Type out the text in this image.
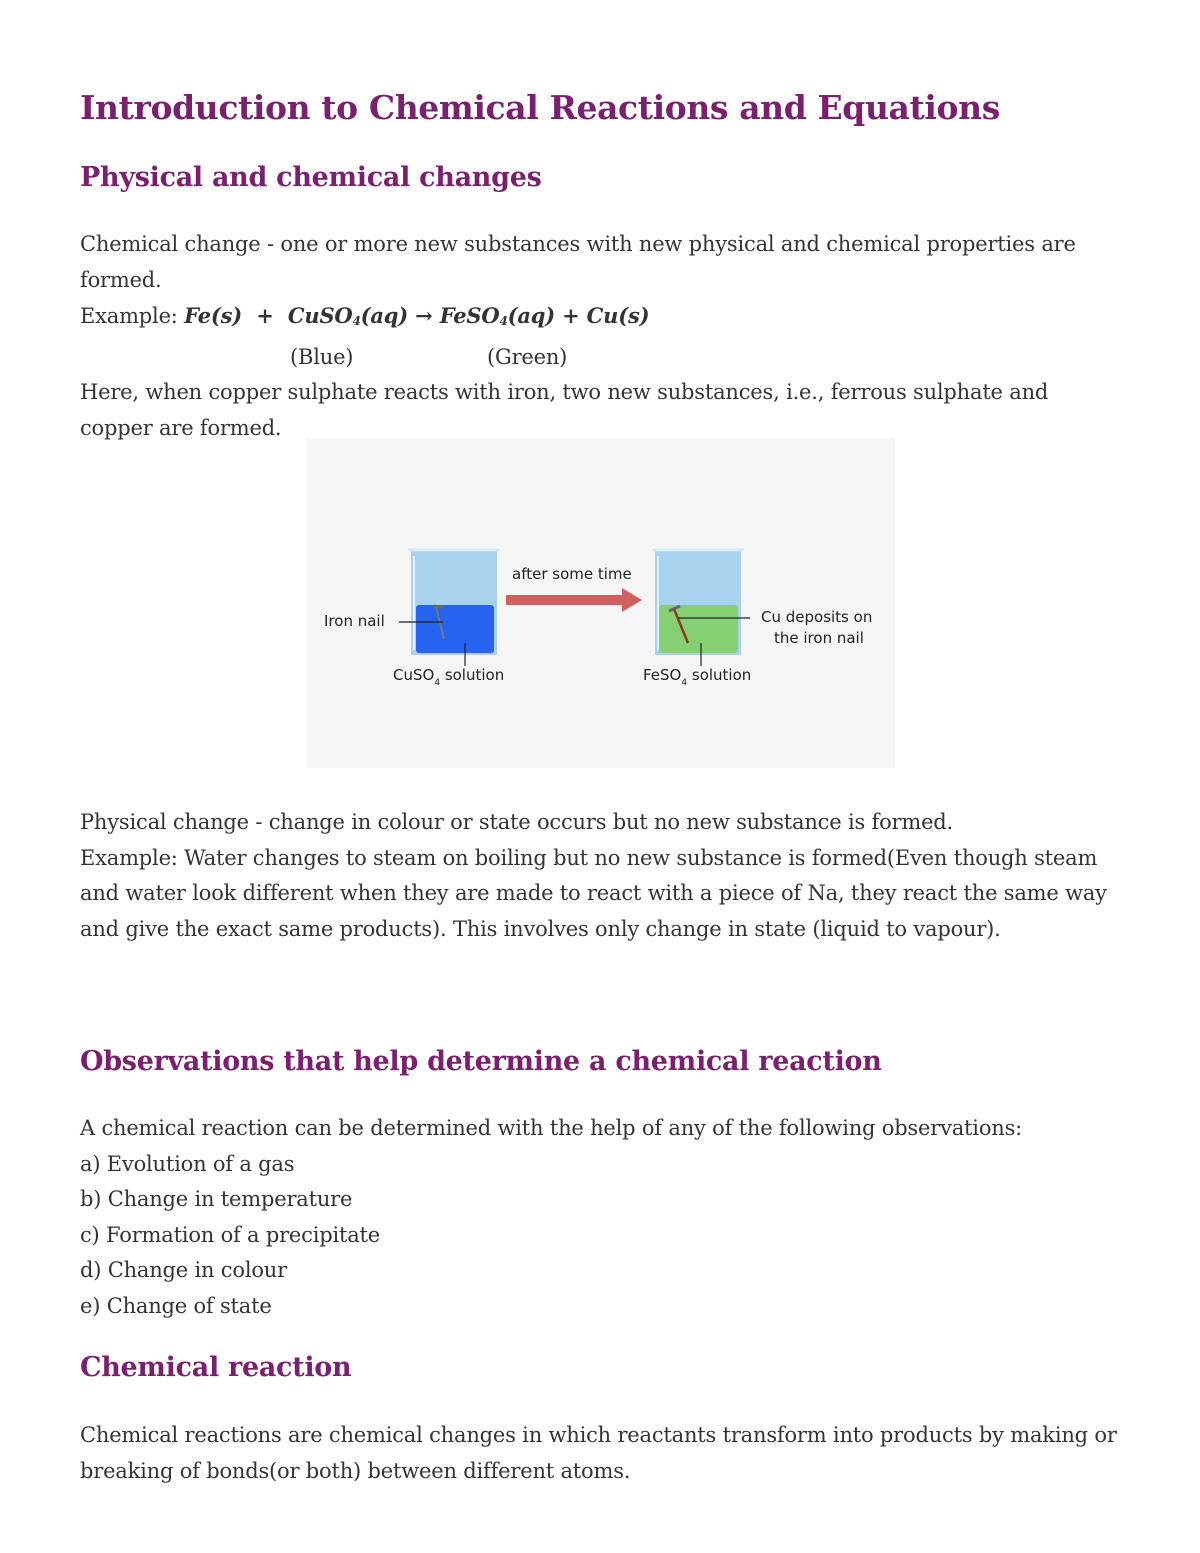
Introduction to Chemical Reactions and Equations
Physical and chemical changes

Chemical change - one or more new substances with new physical and chemical properties are formed.

Example: Fe(s) + CuSO$_4$(aq) → FeSO$_4$(aq) + Cu(s)

(Blue)	(Green)

Here, when copper sulphate reacts with iron, two new substances, i.e., ferrous sulphate and copper are formed.

Iron nail
CuSO$_4$ solution
after some time
Cu deposits on
the iron nail
FeSO$_4$ solution

Physical change - change in colour or state occurs but no new substance is formed.

Example: Water changes to steam on boiling but no new substance is formed(Even though steam and water look different when they are made to react with a piece of Na, they react the same way and give the exact same products). This involves only change in state (liquid to vapour).

Observations that help determine a chemical reaction

A chemical reaction can be determined with the help of any of the following observations:

a) Evolution of a gas
b) Change in temperature
c) Formation of a precipitate
d) Change in colour
e) Change of state
Chemical reaction

Chemical reactions are chemical changes in which reactants transform into products by making or breaking of bonds(or both) between different atoms.
